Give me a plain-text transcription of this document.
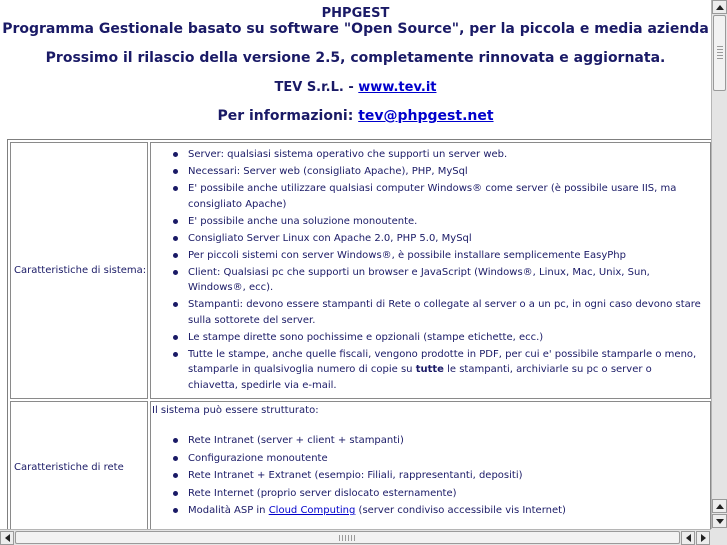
PHPGEST
Programma Gestionale basato su software "Open Source", per la piccola e media azienda
Prossimo il rilascio della versione 2.5, completamente rinnovata e aggiornata.
TEV S.r.L. - www.tev.it
Per informazioni: tev@phpgest.net
Caratteristiche di sistema:
Server: qualsiasi sistema operativo che supporti un server web.
Necessari: Server web (consigliato Apache), PHP, MySql
E' possibile anche utilizzare qualsiasi computer Windows® come server (è possibile usare IIS, ma consigliato Apache)
E' possibile anche una soluzione monoutente.
Consigliato Server Linux con Apache 2.0, PHP 5.0, MySql
Per piccoli sistemi con server Windows®, è possibile installare semplicemente EasyPhp
Client: Qualsiasi pc che supporti un browser e JavaScript (Windows®, Linux, Mac, Unix, Sun, Windows®, ecc).
Stampanti: devono essere stampanti di Rete o collegate al server o a un pc, in ogni caso devono stare sulla sottorete del server.
Le stampe dirette sono pochissime e opzionali (stampe etichette, ecc.)
Tutte le stampe, anche quelle fiscali, vengono prodotte in PDF, per cui e' possibile stamparle o meno, stamparle in qualsivoglia numero di copie su tutte le stampanti, archiviarle su pc o server o chiavetta, spedirle via e-mail.
Caratteristiche di rete
Il sistema può essere strutturato:
Rete Intranet (server + client + stampanti)
Configurazione monoutente
Rete Intranet + Extranet (esempio: Filiali, rappresentanti, depositi)
Rete Internet (proprio server dislocato esternamente)
Modalità ASP in Cloud Computing (server condiviso accessibile vis Internet)
